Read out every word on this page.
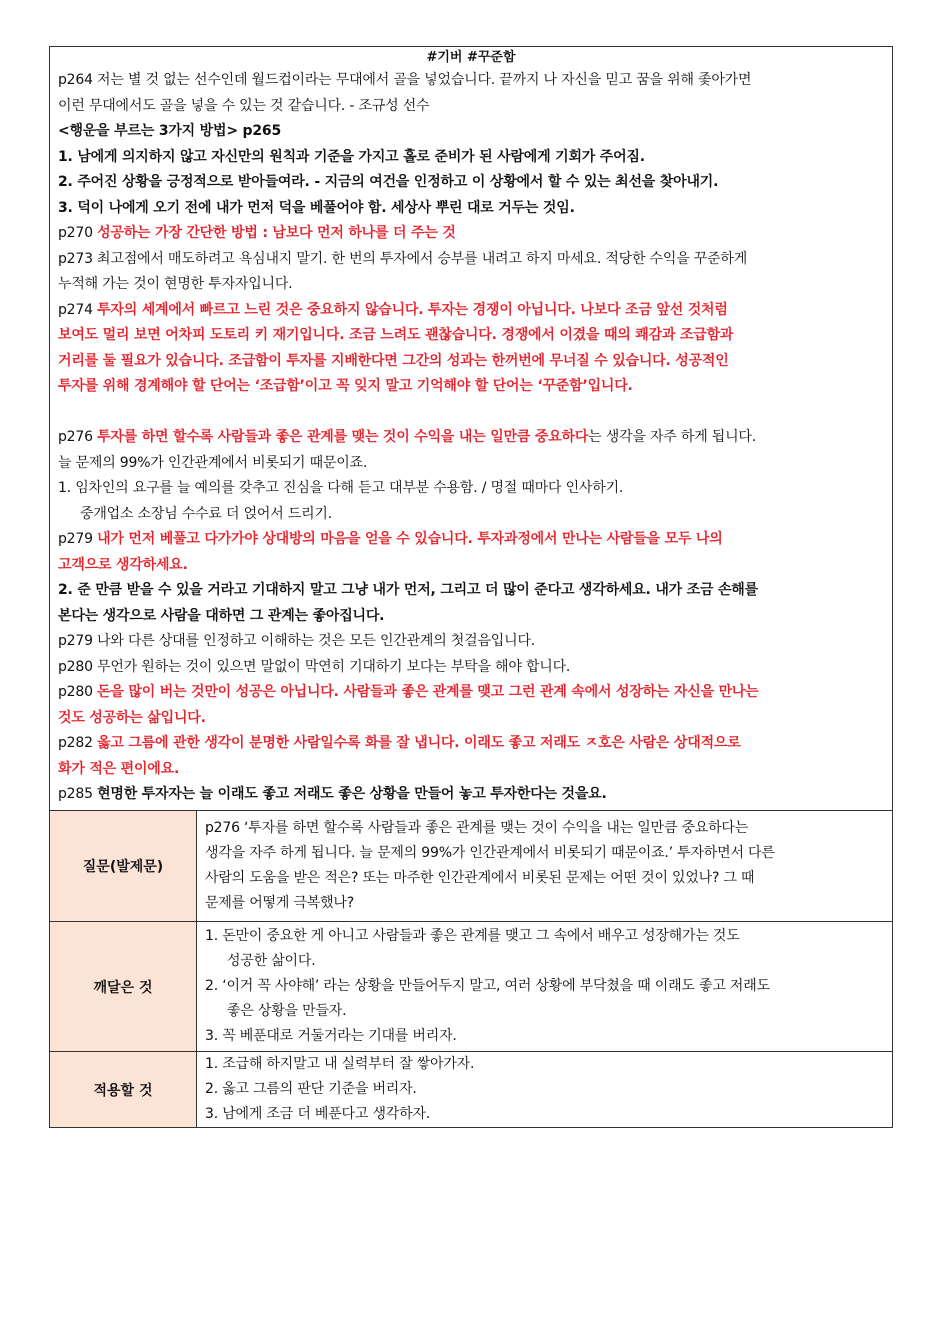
#기버 #꾸준함
p264 저는 별 것 없는 선수인데 월드컵이라는 무대에서 골을 넣었습니다. 끝까지 나 자신을 믿고 꿈을 위해 좇아가면
이런 무대에서도 골을 넣을 수 있는 것 같습니다. - 조규성 선수
<행운을 부르는 3가지 방법> p265
1. 남에게 의지하지 않고 자신만의 원칙과 기준을 가지고 홀로 준비가 된 사람에게 기회가 주어짐.
2. 주어진 상황을 긍정적으로 받아들여라. - 지금의 여건을 인정하고 이 상황에서 할 수 있는 최선을 찾아내기.
3. 덕이 나에게 오기 전에 내가 먼저 덕을 베풀어야 함. 세상사 뿌린 대로 거두는 것임.
p270 성공하는 가장 간단한 방법 : 남보다 먼저 하나를 더 주는 것
p273 최고점에서 매도하려고 욕심내지 말기. 한 번의 투자에서 승부를 내려고 하지 마세요. 적당한 수익을 꾸준하게
누적해 가는 것이 현명한 투자자입니다.
p274 투자의 세계에서 빠르고 느린 것은 중요하지 않습니다. 투자는 경쟁이 아닙니다. 나보다 조금 앞선 것처럼
보여도 멀리 보면 어차피 도토리 키 재기입니다. 조금 느려도 괜찮습니다. 경쟁에서 이겼을 때의 쾌감과 조급함과
거리를 둘 필요가 있습니다. 조급함이 투자를 지배한다면 그간의 성과는 한꺼번에 무너질 수 있습니다. 성공적인
투자를 위해 경계해야 할 단어는 ‘조급함’이고 꼭 잊지 말고 기억해야 할 단어는 ‘꾸준함’입니다.
p276 투자를 하면 할수록 사람들과 좋은 관계를 맺는 것이 수익을 내는 일만큼 중요하다는 생각을 자주 하게 됩니다.
늘 문제의 99%가 인간관계에서 비롯되기 때문이죠.
1. 임차인의 요구를 늘 예의를 갖추고 진심을 다해 듣고 대부분 수용함. / 명절 때마다 인사하기.
중개업소 소장님 수수료 더 얹어서 드리기.
p279 내가 먼저 베풀고 다가가야 상대방의 마음을 얻을 수 있습니다. 투자과정에서 만나는 사람들을 모두 나의
고객으로 생각하세요.
2. 준 만큼 받을 수 있을 거라고 기대하지 말고 그냥 내가 먼저, 그리고 더 많이 준다고 생각하세요. 내가 조금 손해를
본다는 생각으로 사람을 대하면 그 관계는 좋아집니다.
p279 나와 다른 상대를 인정하고 이해하는 것은 모든 인간관계의 첫걸음입니다.
p280 무언가 원하는 것이 있으면 말없이 막연히 기대하기 보다는 부탁을 해야 합니다.
p280 돈을 많이 버는 것만이 성공은 아닙니다. 사람들과 좋은 관계를 맺고 그런 관계 속에서 성장하는 자신을 만나는
것도 성공하는 삶입니다.
p282 옳고 그름에 관한 생각이 분명한 사람일수록 화를 잘 냅니다. 이래도 좋고 저래도 ㅈ호은 사람은 상대적으로
화가 적은 편이에요.
p285 현명한 투자자는 늘 이래도 좋고 저래도 좋은 상황을 만들어 놓고 투자한다는 것을요.
질문(발제문)	p276 ‘투자를 하면 할수록 사람들과 좋은 관계를 맺는 것이 수익을 내는 일만큼 중요하다는
생각을 자주 하게 됩니다. 늘 문제의 99%가 인간관계에서 비롯되기 때문이죠.’ 투자하면서 다른
사람의 도움을 받은 적은? 또는 마주한 인간관계에서 비롯된 문제는 어떤 것이 있었나? 그 때
문제를 어떻게 극복했나?

깨달은 것	1. 돈만이 중요한 게 아니고 사람들과 좋은 관계를 맺고 그 속에서 배우고 성장해가는 것도
성공한 삶이다.
2. ‘이거 꼭 사야해’ 라는 상황을 만들어두지 말고, 여러 상황에 부닥쳤을 때 이래도 좋고 저래도
좋은 상황을 만들자.
3. 꼭 베푼대로 거둘거라는 기대를 버리자.

적용할 것	1. 조급해 하지말고 내 실력부터 잘 쌓아가자.
2. 옳고 그름의 판단 기준을 버리자.
3. 남에게 조금 더 베푼다고 생각하자.
